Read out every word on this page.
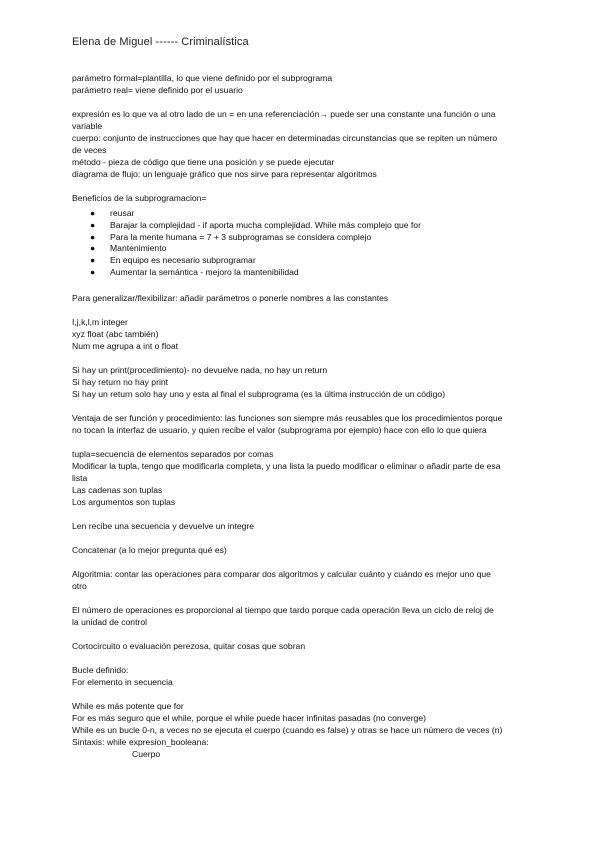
Elena de Miguel ------ Criminalística
parámetro formal=plantilla, lo que viene definido por el subprograma
parámetro real= viene definido por el usuario
expresión es lo que va al otro lado de un = en una referenciación→ puede ser una constante una función o una
variable
cuerpo: conjunto de instrucciones que hay que hacer en determinadas circunstancias que se repiten un número
de veces
método - pieza de código que tiene una posición y se puede ejecutar
diagrama de flujo: un lenguaje gráfico que nos sirve para representar algoritmos
Beneficios de la subprogramacion=
● reusar
● Barajar la complejidad - if aporta mucha complejidad. While más complejo que for
● Para la mente humana = 7 + 3 subprogramas se considera complejo
● Mantenimiento
● En equipo es necesario subprogramar
● Aumentar la semántica - mejoro la mantenibilidad
Para generalizar/flexibilizar: añadir parámetros o ponerle nombres a las constantes
I,j,k,l,m integer
xyz float (abc también)
Num me agrupa a int o float
Si hay un print(procedimiento)- no devuelve nada, no hay un return
Si hay return no hay print
Si hay un return solo hay uno y esta al final el subprograma (es la última instrucción de un código)
Ventaja de ser función y procedimiento: las funciones son siempre más reusables que los procedimientos porque
no tocan la interfaz de usuario, y quien recibe el valor (subprograma por ejemplo) hace con ello lo que quiera
tupla=secuencia de elementos separados por comas
Modificar la tupla, tengo que modificarla completa, y una lista la puedo modificar o eliminar o añadir parte de esa
lista
Las cadenas son tuplas
Los argumentos son tuplas
Len recibe una secuencia y devuelve un integre
Concatenar (a lo mejor pregunta qué es)
Algoritmia: contar las operaciones para comparar dos algoritmos y calcular cuánto y cuándo es mejor uno que
otro
El número de operaciones es proporcional al tiempo que tardo porque cada operación lleva un ciclo de reloj de
la unidad de control
Cortocircuito o evaluación perezosa, quitar cosas que sobran
Bucle definido:
For elemento in secuencia
While es más potente que for
For es más seguro que el while, porque el while puede hacer infinitas pasadas (no converge)
While es un bucle 0-n, a veces no se ejecuta el cuerpo (cuando es false) y otras se hace un número de veces (n)
Sintaxis: while expresion_booleana:
Cuerpo
